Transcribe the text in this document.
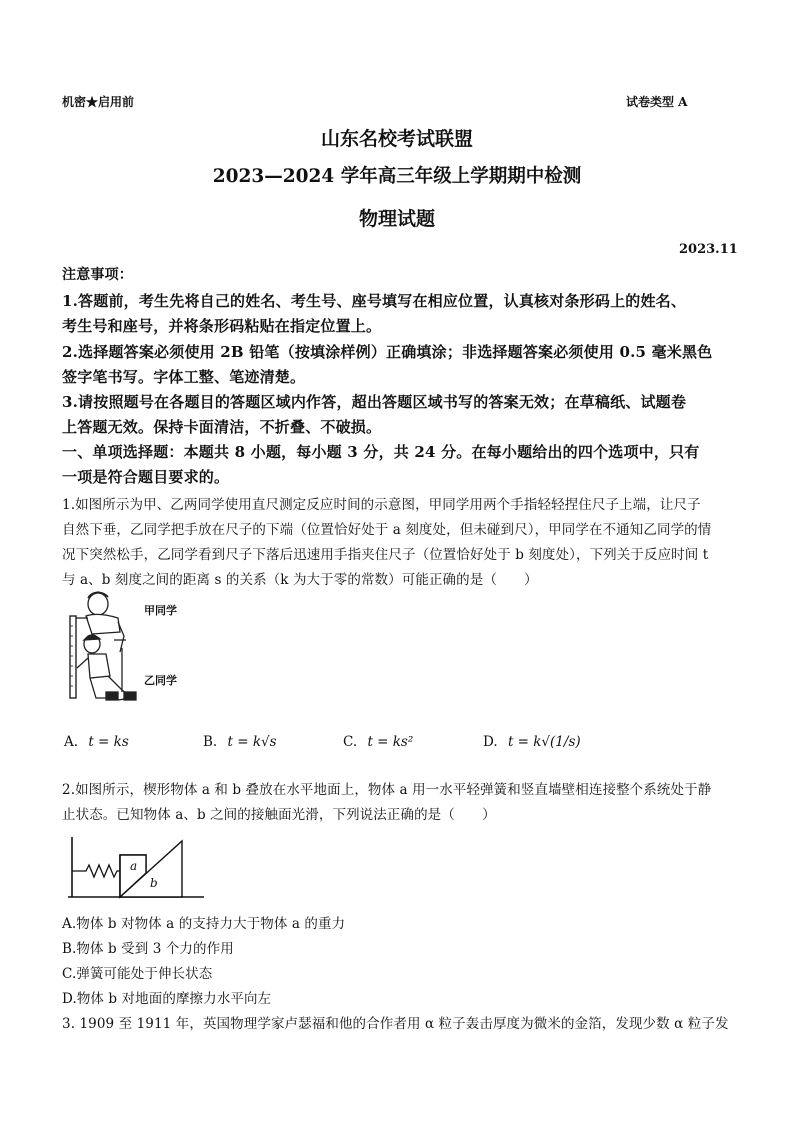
机密★启用前	试卷类型 A
山东名校考试联盟
2023—2024 学年高三年级上学期期中检测
物理试题
2023.11
注意事项：
1.答题前，考生先将自己的姓名、考生号、座号填写在相应位置，认真核对条形码上的姓名、
考生号和座号，并将条形码粘贴在指定位置上。
2.选择题答案必须使用 2B 铅笔（按填涂样例）正确填涂；非选择题答案必须使用 0.5 毫米黑色
签字笔书写。字体工整、笔迹清楚。
3.请按照题号在各题目的答题区域内作答，超出答题区域书写的答案无效；在草稿纸、试题卷
上答题无效。保持卡面清洁，不折叠、不破损。
一、单项选择题：本题共 8 小题，每小题 3 分，共 24 分。在每小题给出的四个选项中，只有
一项是符合题目要求的。
1.如图所示为甲、乙两同学使用直尺测定反应时间的示意图，甲同学用两个手指轻轻捏住尺子上端，让尺子
自然下垂，乙同学把手放在尺子的下端（位置恰好处于 a 刻度处，但未碰到尺），甲同学在不通知乙同学的情
况下突然松手，乙同学看到尺子下落后迅速用手指夹住尺子（位置恰好处于 b 刻度处），下列关于反应时间 t
与 a、b 刻度之间的距离 s 的关系（k 为大于零的常数）可能正确的是（　　）
甲同学
乙同学
A. t = ks	B. t = k√s	C. t = ks²	D. t = k√(1/s)
2.如图所示，楔形物体 a 和 b 叠放在水平地面上，物体 a 用一水平轻弹簧和竖直墙壁相连接整个系统处于静
止状态。已知物体 a、b 之间的接触面光滑，下列说法正确的是（　　）
a
b
A.物体 b 对物体 a 的支持力大于物体 a 的重力
B.物体 b 受到 3 个力的作用
C.弹簧可能处于伸长状态
D.物体 b 对地面的摩擦力水平向左
3. 1909 至 1911 年，英国物理学家卢瑟福和他的合作者用 α 粒子轰击厚度为微米的金箔，发现少数 α 粒子发
